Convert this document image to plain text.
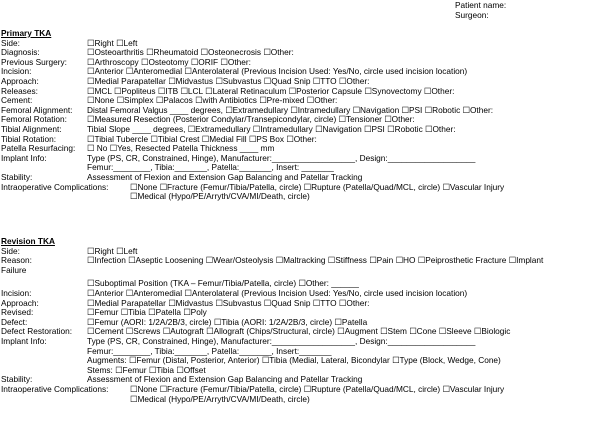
Patient name:
Surgeon:
Primary TKA
Side:	☐Right ☐Left
Diagnosis:	☐Osteoarthritis ☐Rheumatoid ☐Osteonecrosis ☐Other:
Previous Surgery: ☐Arthroscopy ☐Osteotomy ☐ORIF ☐Other:
Incision:	☐Anterior ☐Anteromedial ☐Anterolateral (Previous Incision Used: Yes/No, circle used incision location)
Approach:	☐Medial Parapatellar ☐Midvastus ☐Subvastus ☐Quad Snip ☐TTO ☐Other:
Releases:	☐MCL ☐Popliteus ☐ITB ☐LCL ☐Lateral Retinaculum ☐Posterior Capsule ☐Synovectomy ☐Other:
Cement:	☐None ☐Simplex ☐Palacos ☐with Antibiotics ☐Pre-mixed ☐Other:
Femoral Alignment: Distal Femoral Valgus ____ degrees, ☐Extramedullary ☐Intramedullary ☐Navigation ☐PSI ☐Robotic ☐Other:
Femoral Rotation: ☐Measured Resection (Posterior Condylar/Transepicondylar, circle) ☐Tensioner ☐Other:
Tibial Alignment:	Tibial Slope ____ degrees, ☐Extramedullary ☐Intramedullary ☐Navigation ☐PSI ☐Robotic ☐Other:
Tibial Rotation:	☐Tibial Tubercle ☐Tibial Crest ☐Medial Fill ☐PS Box ☐Other:
Patella Resurfacing: ☐ No ☐Yes, Resected Patella Thickness ____ mm
Implant Info:	Type (PS, CR, Constrained, Hinge), Manufacturer:__________________, Design:___________________
Femur:________, Tibia:_______, Patella:_______, Insert: _______
Stability:	Assessment of Flexion and Extension Gap Balancing and Patellar Tracking
Intraoperative Complications:	☐None ☐Fracture (Femur/Tibia/Patella, circle) ☐Rupture (Patella/Quad/MCL, circle) ☐Vascular Injury
☐Medical (Hypo/PE/Arryth/CVA/MI/Death, circle)
Revision TKA
Side:	☐Right ☐Left
Reason:	☐Infection ☐Aseptic Loosening ☐Wear/Osteolysis ☐Maltracking ☐Stiffness ☐Pain ☐HO ☐Peiprosthetic Fracture ☐Implant
Failure
☐Suboptimal Position (TKA – Femur/Tibia/Patella, circle) ☐Other: ______
Incision:	☐Anterior ☐Anteromedial ☐Anterolateral (Previous Incision Used: Yes/No, circle used incision location)
Approach:	☐Medial Parapatellar ☐Midvastus ☐Subvastus ☐Quad Snip ☐TTO ☐Other:
Revised:	☐Femur ☐Tibia ☐Patella ☐Poly
Defect:	☐Femur (AORI: 1/2A/2B/3, circle) ☐Tibia (AORI: 1/2A/2B/3, circle) ☐Patella
Defect Restoration: ☐Cement ☐Screws ☐Autograft ☐Allograft (Chips/Structural, circle) ☐Augment ☐Stem ☐Cone ☐Sleeve ☐Biologic
Implant Info:	Type (PS, CR, Constrained, Hinge), Manufacturer:__________________, Design:___________________
Femur:________, Tibia:_______, Patella:_______, Insert:_______
Augments: ☐Femur (Distal, Posterior, Anterior) ☐Tibia (Medial, Lateral, Bicondylar ☐Type (Block, Wedge, Cone)
Stems: ☐Femur ☐Tibia ☐Offset
Stability:	Assessment of Flexion and Extension Gap Balancing and Patellar Tracking
Intraoperative Complications:	☐None ☐Fracture (Femur/Tibia/Patella, circle) ☐Rupture (Patella/Quad/MCL, circle) ☐Vascular Injury
☐Medical (Hypo/PE/Arryth/CVA/MI/Death, circle)
